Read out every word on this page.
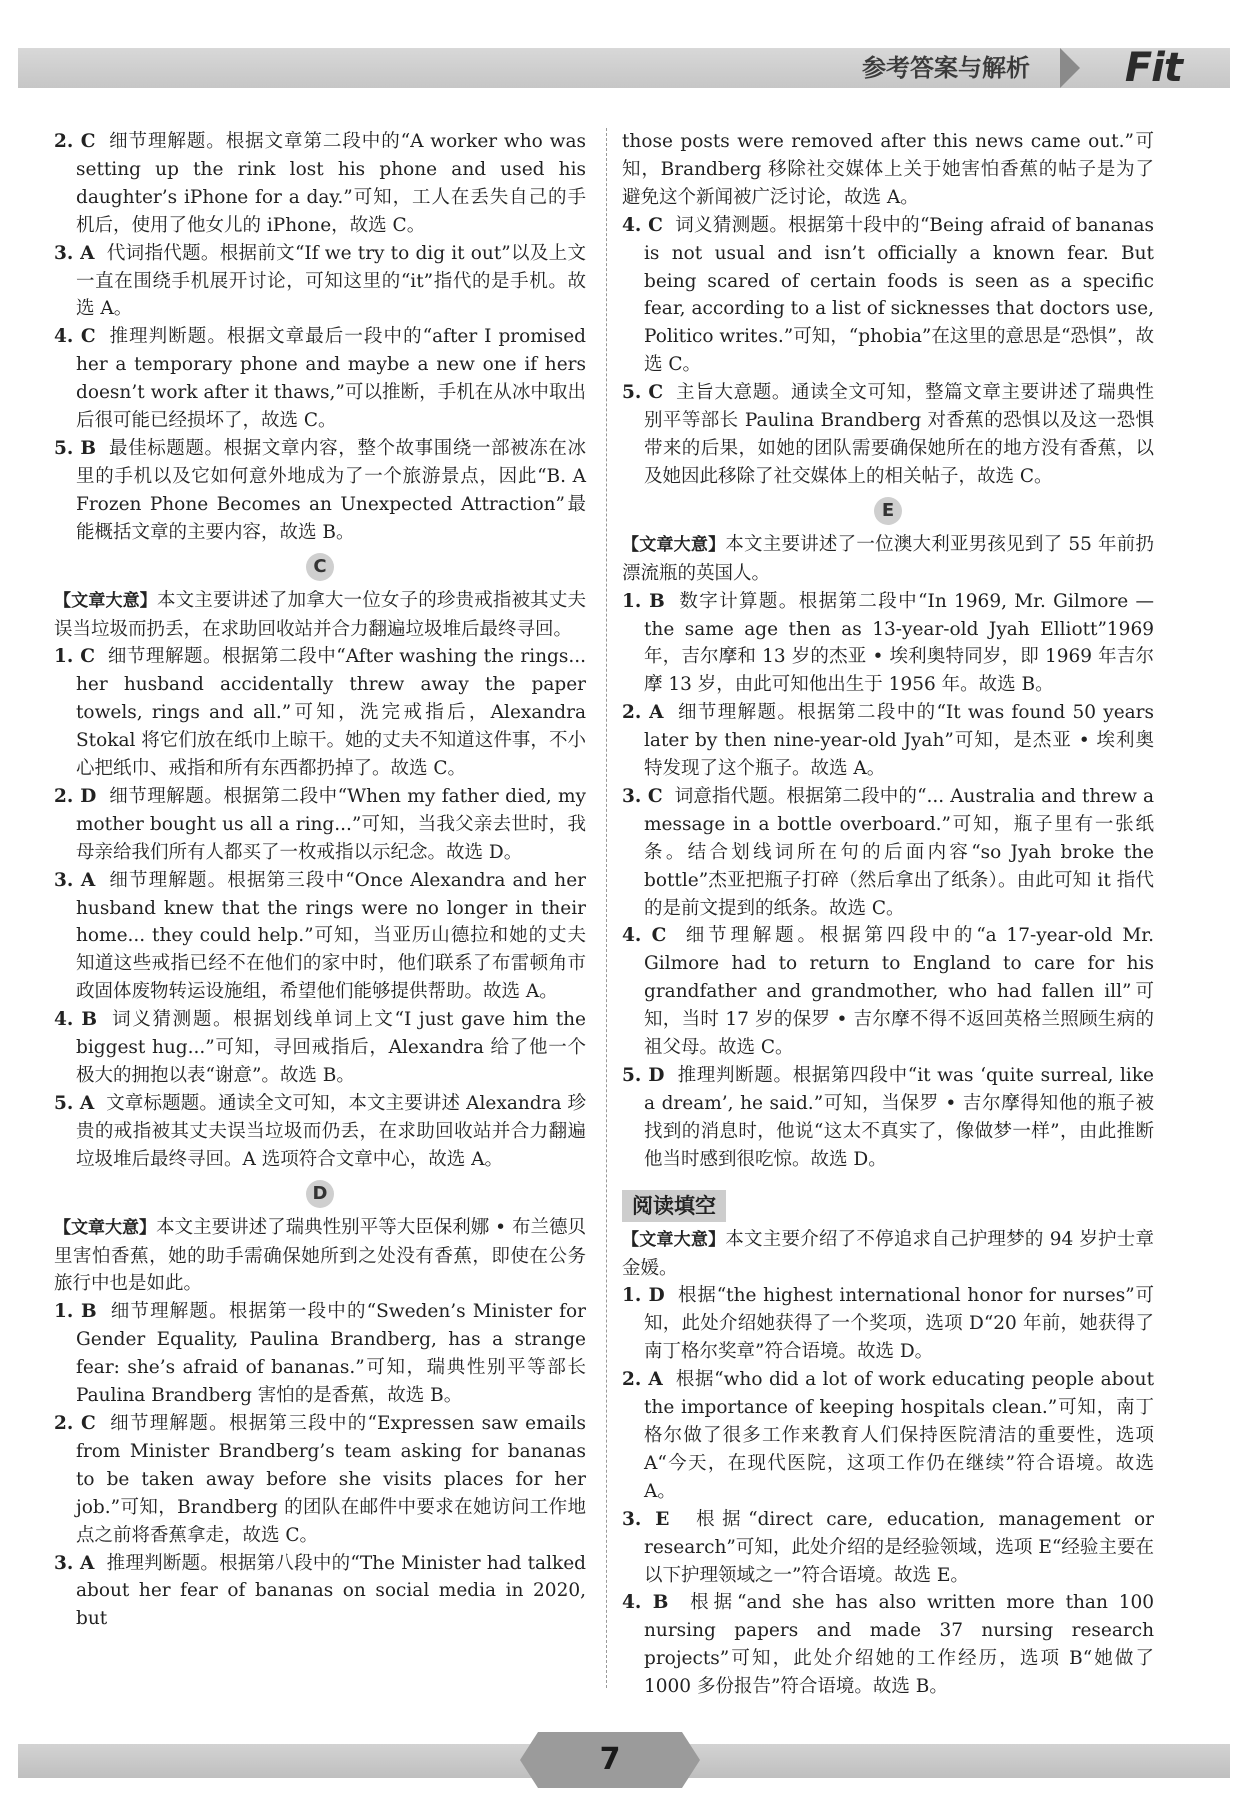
参考答案与解析 Fit

2. C 细节理解题。根据文章第二段中的“A worker who was setting up the rink lost his phone and used his daughter’s iPhone for a day.”可知，工人在丢失自己的手机后，使用了他女儿的 iPhone，故选 C。

3. A 代词指代题。根据前文“If we try to dig it out”以及上文一直在围绕手机展开讨论，可知这里的“it”指代的是手机。故选 A。

4. C 推理判断题。根据文章最后一段中的“after I promised her a temporary phone and maybe a new one if hers doesn’t work after it thaws,”可以推断，手机在从冰中取出后很可能已经损坏了，故选 C。

5. B 最佳标题题。根据文章内容，整个故事围绕一部被冻在冰里的手机以及它如何意外地成为了一个旅游景点，因此“B. A Frozen Phone Becomes an Unexpected Attraction”最能概括文章的主要内容，故选 B。

C

【文章大意】本文主要讲述了加拿大一位女子的珍贵戒指被其丈夫误当垃圾而扔丢，在求助回收站并合力翻遍垃圾堆后最终寻回。

1. C 细节理解题。根据第二段中“After washing the rings... her husband accidentally threw away the paper towels, rings and all.”可知，洗完戒指后，Alexandra Stokal 将它们放在纸巾上晾干。她的丈夫不知道这件事，不小心把纸巾、戒指和所有东西都扔掉了。故选 C。

2. D 细节理解题。根据第二段中“When my father died, my mother bought us all a ring...”可知，当我父亲去世时，我母亲给我们所有人都买了一枚戒指以示纪念。故选 D。

3. A 细节理解题。根据第三段中“Once Alexandra and her husband knew that the rings were no longer in their home... they could help.”可知，当亚历山德拉和她的丈夫知道这些戒指已经不在他们的家中时，他们联系了布雷顿角市政固体废物转运设施组，希望他们能够提供帮助。故选 A。

4. B 词义猜测题。根据划线单词上文“I just gave him the biggest hug...”可知，寻回戒指后，Alexandra 给了他一个极大的拥抱以表“谢意”。故选 B。

5. A 文章标题题。通读全文可知，本文主要讲述 Alexandra 珍贵的戒指被其丈夫误当垃圾而仍丢，在求助回收站并合力翻遍垃圾堆后最终寻回。A 选项符合文章中心，故选 A。

D

【文章大意】本文主要讲述了瑞典性别平等大臣保利娜 • 布兰德贝里害怕香蕉，她的助手需确保她所到之处没有香蕉，即使在公务旅行中也是如此。

1. B 细节理解题。根据第一段中的“Sweden’s Minister for Gender Equality, Paulina Brandberg, has a strange fear: she’s afraid of bananas.”可知，瑞典性别平等部长 Paulina Brandberg 害怕的是香蕉，故选 B。

2. C 细节理解题。根据第三段中的“Expressen saw emails from Minister Brandberg’s team asking for bananas to be taken away before she visits places for her job.”可知，Brandberg 的团队在邮件中要求在她访问工作地点之前将香蕉拿走，故选 C。

3. A 推理判断题。根据第八段中的“The Minister had talked about her fear of bananas on social media in 2020, but

those posts were removed after this news came out.”可知，Brandberg 移除社交媒体上关于她害怕香蕉的帖子是为了避免这个新闻被广泛讨论，故选 A。

4. C 词义猜测题。根据第十段中的“Being afraid of bananas is not usual and isn’t officially a known fear. But being scared of certain foods is seen as a specific fear, according to a list of sicknesses that doctors use, Politico writes.”可知，“phobia”在这里的意思是“恐惧”，故选 C。

5. C 主旨大意题。通读全文可知，整篇文章主要讲述了瑞典性别平等部长 Paulina Brandberg 对香蕉的恐惧以及这一恐惧带来的后果，如她的团队需要确保她所在的地方没有香蕉，以及她因此移除了社交媒体上的相关帖子，故选 C。

E

【文章大意】本文主要讲述了一位澳大利亚男孩见到了 55 年前扔漂流瓶的英国人。

1. B 数字计算题。根据第二段中“In 1969, Mr. Gilmore — the same age then as 13-year-old Jyah Elliott”1969 年，吉尔摩和 13 岁的杰亚 • 埃利奥特同岁，即 1969 年吉尔摩 13 岁，由此可知他出生于 1956 年。故选 B。

2. A 细节理解题。根据第二段中的“It was found 50 years later by then nine-year-old Jyah”可知，是杰亚 • 埃利奥特发现了这个瓶子。故选 A。

3. C 词意指代题。根据第二段中的“... Australia and threw a message in a bottle overboard.”可知，瓶子里有一张纸条。结合划线词所在句的后面内容“so Jyah broke the bottle”杰亚把瓶子打碎（然后拿出了纸条）。由此可知 it 指代的是前文提到的纸条。故选 C。

4. C 细节理解题。根据第四段中的“a 17-year-old Mr. Gilmore had to return to England to care for his grandfather and grandmother, who had fallen ill”可知，当时 17 岁的保罗 • 吉尔摩不得不返回英格兰照顾生病的祖父母。故选 C。

5. D 推理判断题。根据第四段中“it was ‘quite surreal, like a dream’, he said.”可知，当保罗 • 吉尔摩得知他的瓶子被找到的消息时，他说“这太不真实了，像做梦一样”，由此推断他当时感到很吃惊。故选 D。

阅读填空

【文章大意】本文主要介绍了不停追求自己护理梦的 94 岁护士章金媛。

1. D 根据“the highest international honor for nurses”可知，此处介绍她获得了一个奖项，选项 D“20 年前，她获得了南丁格尔奖章”符合语境。故选 D。

2. A 根据“who did a lot of work educating people about the importance of keeping hospitals clean.”可知，南丁格尔做了很多工作来教育人们保持医院清洁的重要性，选项 A“今天，在现代医院，这项工作仍在继续”符合语境。故选 A。

3. E 根据“direct care, education, management or research”可知，此处介绍的是经验领域，选项 E“经验主要在以下护理领域之一”符合语境。故选 E。

4. B 根据“and she has also written more than 100 nursing papers and made 37 nursing research projects”可知，此处介绍她的工作经历，选项 B“她做了 1000 多份报告”符合语境。故选 B。

7
